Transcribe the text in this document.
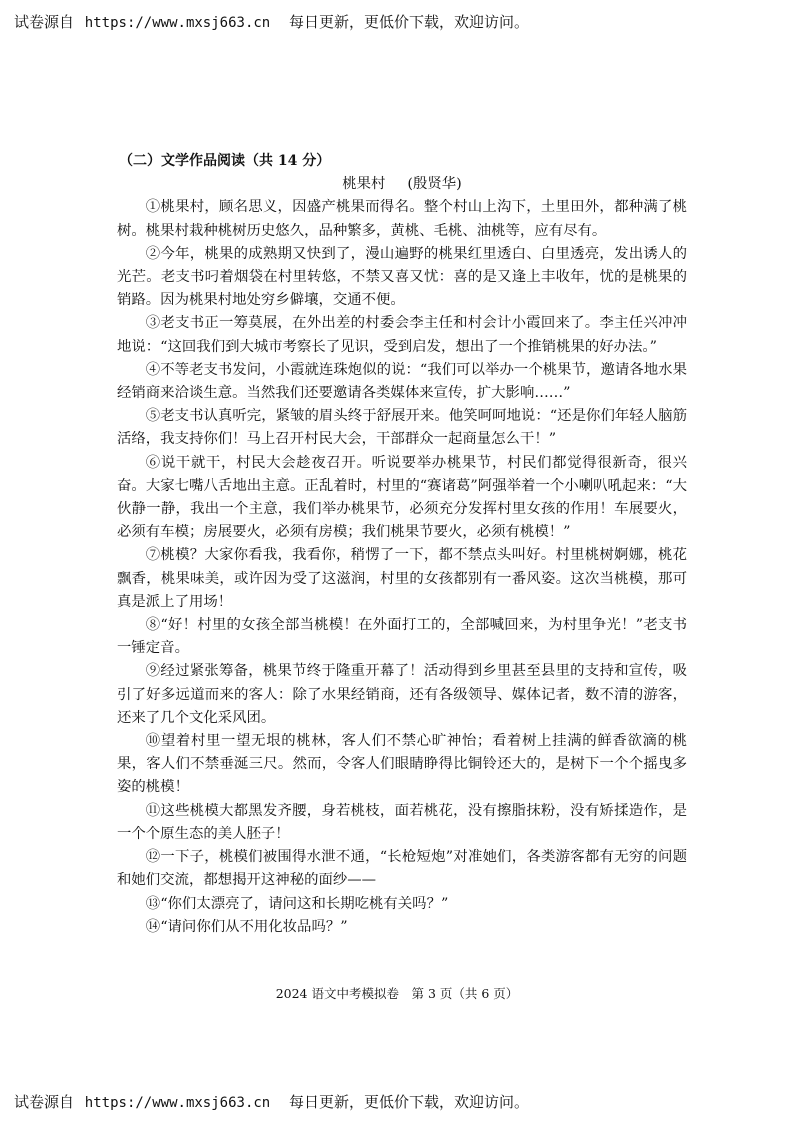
试卷源自 https://www.mxsj663.cn 每日更新，更低价下载，欢迎访问。

（二）文学作品阅读（共 14 分）

桃果村 (殷贤华)

①桃果村，顾名思义，因盛产桃果而得名。整个村山上沟下，土里田外，都种满了桃树。桃果村栽种桃树历史悠久，品种繁多，黄桃、毛桃、油桃等，应有尽有。

②今年，桃果的成熟期又快到了，漫山遍野的桃果红里透白、白里透亮，发出诱人的光芒。老支书叼着烟袋在村里转悠，不禁又喜又忧：喜的是又逢上丰收年，忧的是桃果的销路。因为桃果村地处穷乡僻壤，交通不便。

③老支书正一筹莫展，在外出差的村委会李主任和村会计小霞回来了。李主任兴冲冲地说：“这回我们到大城市考察长了见识，受到启发，想出了一个推销桃果的好办法。”

④不等老支书发问，小霞就连珠炮似的说：“我们可以举办一个桃果节，邀请各地水果经销商来洽谈生意。当然我们还要邀请各类媒体来宣传，扩大影响……”

⑤老支书认真听完，紧皱的眉头终于舒展开来。他笑呵呵地说：“还是你们年轻人脑筋活络，我支持你们！马上召开村民大会，干部群众一起商量怎么干！”

⑥说干就干，村民大会趁夜召开。听说要举办桃果节，村民们都觉得很新奇，很兴奋。大家七嘴八舌地出主意。正乱着时，村里的“赛诸葛”阿强举着一个小喇叭吼起来：“大伙静一静，我出一个主意，我们举办桃果节，必须充分发挥村里女孩的作用！车展要火，必须有车模；房展要火，必须有房模；我们桃果节要火，必须有桃模！”

⑦桃模？大家你看我，我看你，稍愣了一下，都不禁点头叫好。村里桃树婀娜，桃花飘香，桃果味美，或许因为受了这滋润，村里的女孩都别有一番风姿。这次当桃模，那可真是派上了用场！

⑧“好！村里的女孩全部当桃模！在外面打工的，全部喊回来，为村里争光！”老支书一锤定音。

⑨经过紧张筹备，桃果节终于隆重开幕了！活动得到乡里甚至县里的支持和宣传，吸引了好多远道而来的客人：除了水果经销商，还有各级领导、媒体记者，数不清的游客，还来了几个文化采风团。

⑩望着村里一望无垠的桃林，客人们不禁心旷神怡；看着树上挂满的鲜香欲滴的桃果，客人们不禁垂涎三尺。然而，令客人们眼睛睁得比铜铃还大的，是树下一个个摇曳多姿的桃模！

⑪这些桃模大都黑发齐腰，身若桃枝，面若桃花，没有擦脂抹粉，没有矫揉造作，是一个个原生态的美人胚子！

⑫一下子，桃模们被围得水泄不通，“长枪短炮”对准她们，各类游客都有无穷的问题和她们交流，都想揭开这神秘的面纱——

⑬“你们太漂亮了，请问这和长期吃桃有关吗？”

⑭“请问你们从不用化妆品吗？”

2024 语文中考模拟卷　第 3 页（共 6 页）
试卷源自 https://www.mxsj663.cn 每日更新，更低价下载，欢迎访问。
